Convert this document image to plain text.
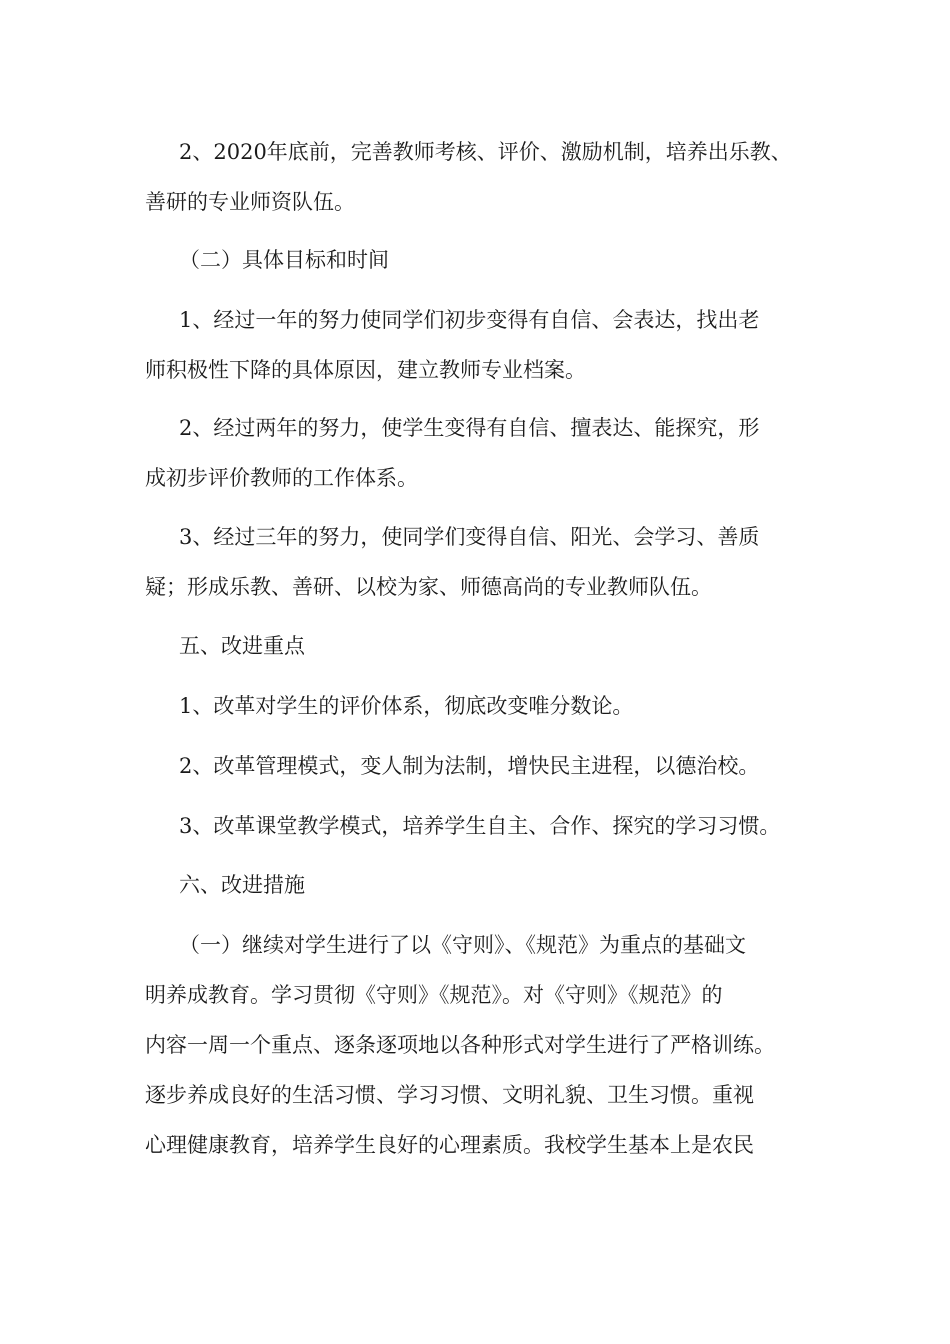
2、2020年底前，完善教师考核、评价、激励机制，培养出乐教、

善研的专业师资队伍。

（二）具体目标和时间

1、经过一年的努力使同学们初步变得有自信、会表达，找出老

师积极性下降的具体原因，建立教师专业档案。

2、经过两年的努力，使学生变得有自信、擅表达、能探究，形

成初步评价教师的工作体系。

3、经过三年的努力，使同学们变得自信、阳光、会学习、善质

疑；形成乐教、善研、以校为家、师德高尚的专业教师队伍。

五、改进重点

1、改革对学生的评价体系，彻底改变唯分数论。

2、改革管理模式，变人制为法制，增快民主进程，以德治校。

3、改革课堂教学模式，培养学生自主、合作、探究的学习习惯。

六、改进措施

（一）继续对学生进行了以《守则》、《规范》为重点的基础文

明养成教育。学习贯彻《守则》《规范》。对《守则》《规范》的

内容一周一个重点、逐条逐项地以各种形式对学生进行了严格训练。

逐步养成良好的生活习惯、学习习惯、文明礼貌、卫生习惯。重视

心理健康教育，培养学生良好的心理素质。我校学生基本上是农民
